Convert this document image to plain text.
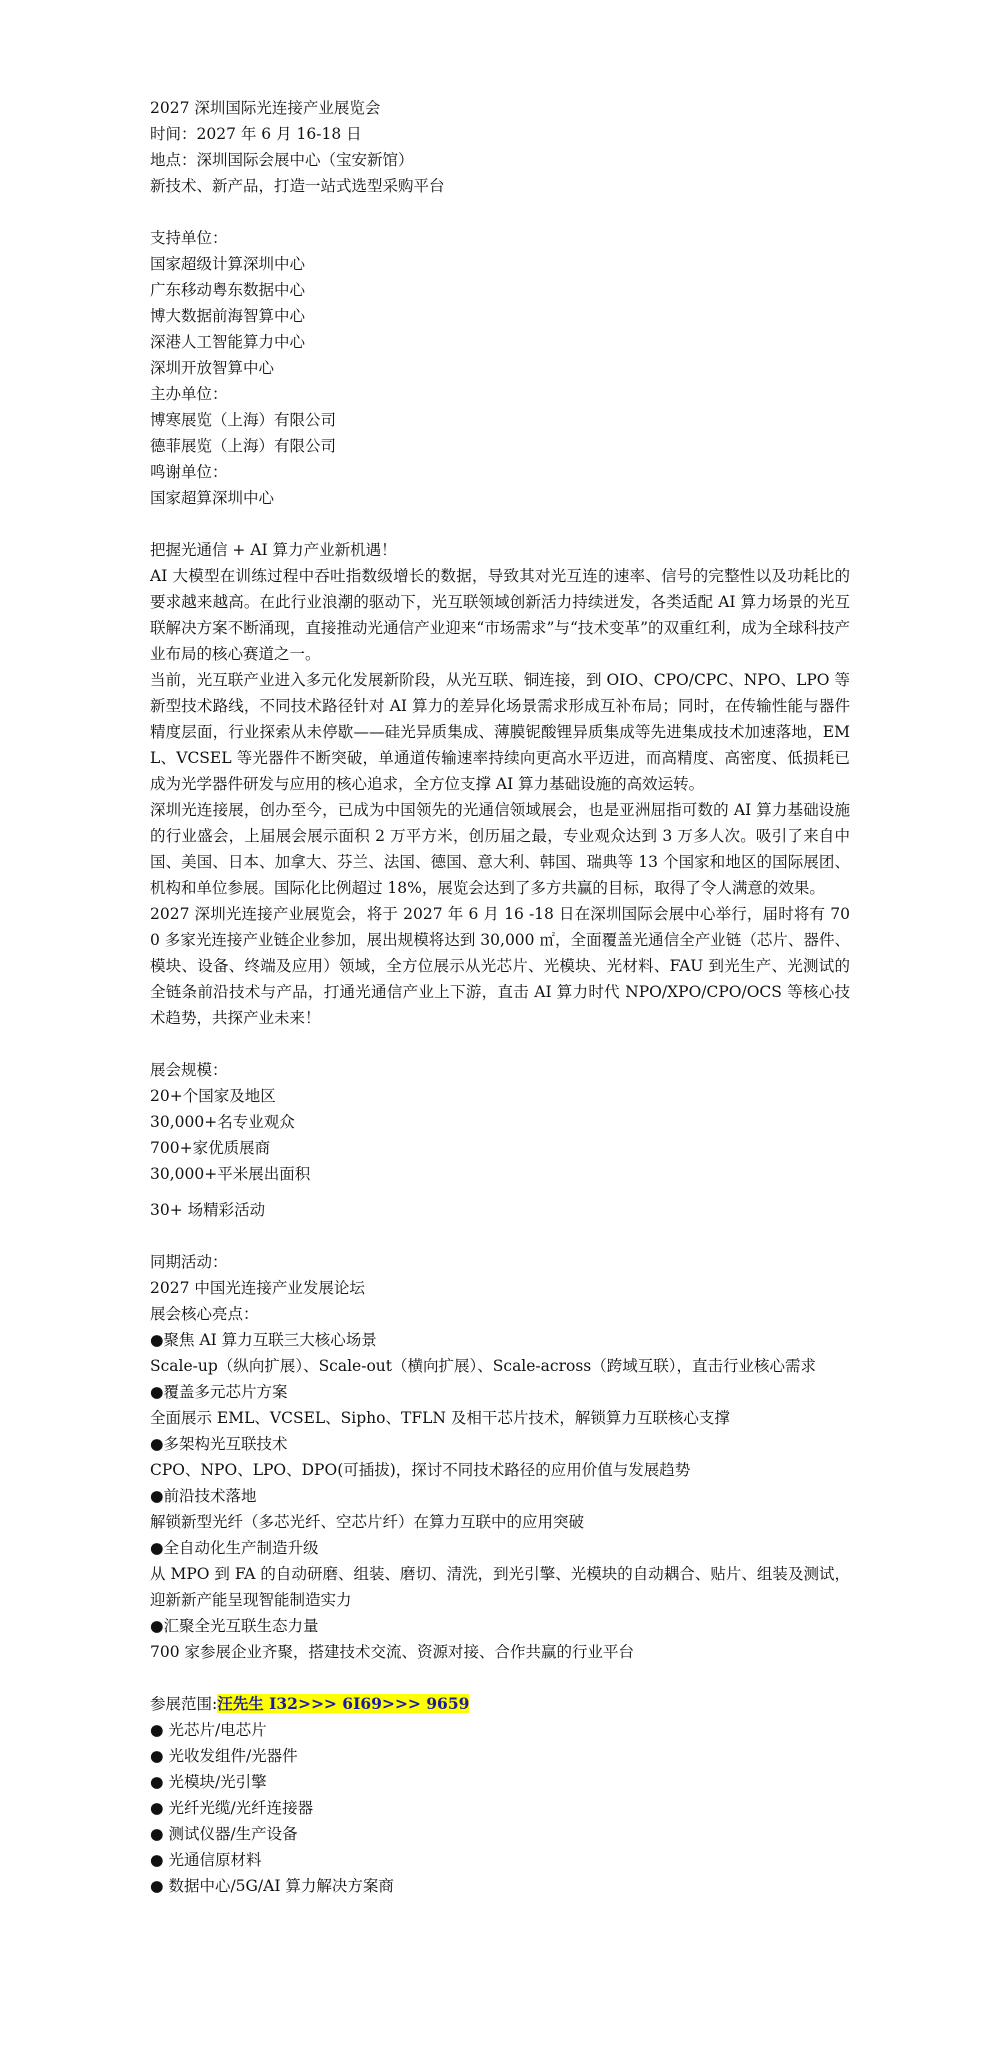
2027 深圳国际光连接产业展览会
时间：2027 年 6 月 16-18 日
地点：深圳国际会展中心（宝安新馆）
新技术、新产品，打造一站式选型采购平台
支持单位：
国家超级计算深圳中心
广东移动粤东数据中心
博大数据前海智算中心
深港人工智能算力中心
深圳开放智算中心
主办单位：
博寒展览（上海）有限公司
德菲展览（上海）有限公司
鸣谢单位：
国家超算深圳中心
把握光通信 + AI 算力产业新机遇！
AI 大模型在训练过程中吞吐指数级增长的数据，导致其对光互连的速率、信号的完整性以及功耗比的要求越来越高。在此行业浪潮的驱动下，光互联领域创新活力持续迸发，各类适配 AI 算力场景的光互联解决方案不断涌现，直接推动光通信产业迎来“市场需求”与“技术变革”的双重红利，成为全球科技产业布局的核心赛道之一。
当前，光互联产业进入多元化发展新阶段，从光互联、铜连接，到 OIO、CPO/CPC、NPO、LPO 等新型技术路线，不同技术路径针对 AI 算力的差异化场景需求形成互补布局；同时，在传输性能与器件精度层面，行业探索从未停歇——硅光异质集成、薄膜铌酸锂异质集成等先进集成技术加速落地，EML、VCSEL 等光器件不断突破，单通道传输速率持续向更高水平迈进，而高精度、高密度、低损耗已成为光学器件研发与应用的核心追求，全方位支撑 AI 算力基础设施的高效运转。
深圳光连接展，创办至今，已成为中国领先的光通信领域展会，也是亚洲屈指可数的 AI 算力基础设施的行业盛会，上届展会展示面积 2 万平方米，创历届之最，专业观众达到 3 万多人次。吸引了来自中国、美国、日本、加拿大、芬兰、法国、德国、意大利、韩国、瑞典等 13 个国家和地区的国际展团、机构和单位参展。国际化比例超过 18%，展览会达到了多方共赢的目标，取得了令人满意的效果。
2027 深圳光连接产业展览会，将于 2027 年 6 月 16 -18 日在深圳国际会展中心举行，届时将有 700 多家光连接产业链企业参加，展出规模将达到 30,000 ㎡，全面覆盖光通信全产业链（芯片、器件、模块、设备、终端及应用）领域，全方位展示从光芯片、光模块、光材料、FAU 到光生产、光测试的全链条前沿技术与产品，打通光通信产业上下游，直击 AI 算力时代 NPO/XPO/CPO/OCS 等核心技术趋势，共探产业未来！
展会规模：
20+个国家及地区
30,000+名专业观众
700+家优质展商
30,000+平米展出面积
30+ 场精彩活动
同期活动：
2027 中国光连接产业发展论坛
展会核心亮点：
●聚焦 AI 算力互联三大核心场景
Scale-up（纵向扩展）、Scale-out（横向扩展）、Scale-across（跨域互联），直击行业核心需求
●覆盖多元芯片方案
全面展示 EML、VCSEL、Sipho、TFLN 及相干芯片技术，解锁算力互联核心支撑
●多架构光互联技术
CPO、NPO、LPO、DPO(可插拔)，探讨不同技术路径的应用价值与发展趋势
●前沿技术落地
解锁新型光纤（多芯光纤、空芯片纤）在算力互联中的应用突破
●全自动化生产制造升级
从 MPO 到 FA 的自动研磨、组装、磨切、清洗，到光引擎、光模块的自动耦合、贴片、组装及测试，迎新新产能呈现智能制造实力
●汇聚全光互联生态力量
700 家参展企业齐聚，搭建技术交流、资源对接、合作共赢的行业平台
参展范围:汪先生 I32>>> 6I69>>> 9659
● 光芯片/电芯片
● 光收发组件/光器件
● 光模块/光引擎
● 光纤光缆/光纤连接器
● 测试仪器/生产设备
● 光通信原材料
● 数据中心/5G/AI 算力解决方案商
